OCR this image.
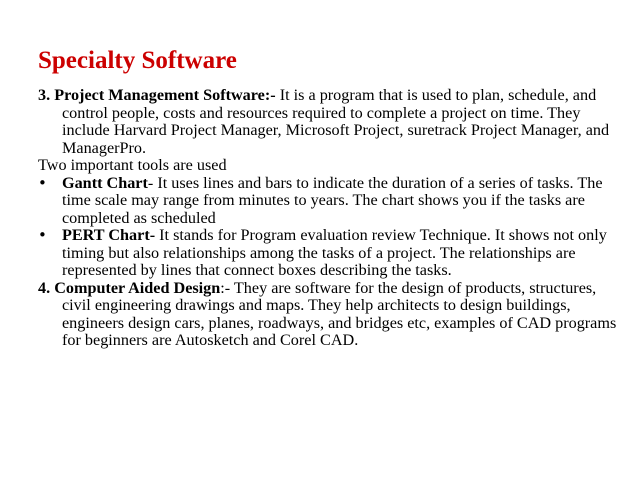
Specialty Software

3. Project Management Software:- It is a program that is used to plan, schedule, and control people, costs and resources required to complete a project on time. They include Harvard Project Manager, Microsoft Project, suretrack Project Manager, and ManagerPro.

Two important tools are used

• Gantt Chart- It uses lines and bars to indicate the duration of a series of tasks. The time scale may range from minutes to years. The chart shows you if the tasks are completed as scheduled
• PERT Chart- It stands for Program evaluation review Technique. It shows not only timing but also relationships among the tasks of a project. The relationships are represented by lines that connect boxes describing the tasks.

4. Computer Aided Design:- They are software for the design of products, structures, civil engineering drawings and maps. They help architects to design buildings, engineers design cars, planes, roadways, and bridges etc, examples of CAD programs for beginners are Autosketch and Corel CAD.
